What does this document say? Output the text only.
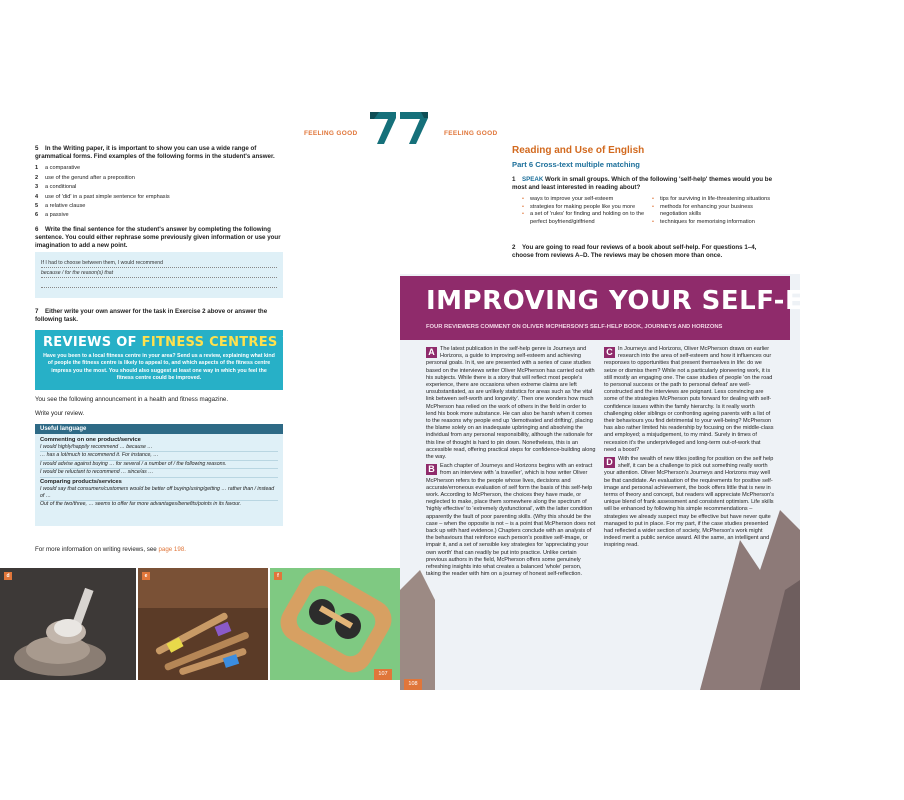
FEELING GOOD	FEELING GOOD
5 In the Writing paper, it is important to show you can use a wide range of grammatical forms. Find examples of the following forms in the student's answer.
1 a comparative
2 use of the gerund after a preposition
3 a conditional
4 use of 'did' in a past simple sentence for emphasis
5 a relative clause
6 a passive
6 Write the final sentence for the student's answer by completing the following sentence. You could either rephrase some previously given information or use your imagination to add a new point.
If I had to choose between them, I would recommend
because / for the reason(s) that
7 Either write your own answer for the task in Exercise 2 above or answer the following task.
REVIEWS OF FITNESS CENTRES WANTED
Have you been to a local fitness centre in your area? Send us a review, explaining what kind of people the fitness centre is likely to appeal to, and which aspects of the fitness centre impress you the most. You should also suggest at least one way in which you feel the fitness centre could be improved.
You see the following announcement in a health and fitness magazine.
Write your review.
Useful language
Commenting on one product/service
I would highly/happily recommend … because …
… has a lot/much to recommend it. For instance, …
I would advise against buying … for several / a number of / the following reasons.
I would be reluctant to recommend … since/as …
Comparing products/services
I would say that consumers/customers would be better off buying/using/getting … rather than / instead of …
Out of the two/three, … seems to offer far more advantages/benefits/points in its favour.
For more information on writing reviews, see page 198.
d	e	f
107
Reading and Use of English
Part 6 Cross-text multiple matching
1 SPEAK Work in small groups. Which of the following 'self-help' themes would you be most and least interested in reading about?
• ways to improve your self-esteem
• strategies for making people like you more
• a set of 'rules' for finding and holding on to the perfect boyfriend/girlfriend
• tips for surviving in life-threatening situations
• methods for enhancing your business negotiation skills
• techniques for memorising information
2 You are going to read four reviews of a book about self-help. For questions 1–4, choose from reviews A–D. The reviews may be chosen more than once.
IMPROVING YOUR SELF-ESTEEM
FOUR REVIEWERS COMMENT ON OLIVER MCPHERSON'S SELF-HELP BOOK, JOURNEYS AND HORIZONS
A The latest publication in the self-help genre is Journeys and Horizons, a guide to improving self-esteem and achieving personal goals. In it, we are presented with a series of case studies based on the interviews writer Oliver McPherson has carried out with his subjects. While there is a story that will reflect most people's experience, there are occasions when extreme claims are left unsubstantiated, as are unlikely statistics for areas such as 'the vital link between self-worth and longevity'. Then one wonders how much McPherson has relied on the work of others in the field in order to lend his book more substance. He can also be harsh when it comes to the reasons why people end up 'demotivated and drifting', placing the blame solely on an inadequate upbringing and absolving the individual from any personal responsibility, although the rationale for this line of thought is hard to pin down. Nonetheless, this is an accessible read, offering practical steps for confidence-building along the way.
B Each chapter of Journeys and Horizons begins with an extract from an interview with 'a traveller', which is how writer Oliver McPherson refers to the people whose lives, decisions and accurate/erroneous evaluation of self form the basis of this self-help work. According to McPherson, the choices they have made, or neglected to make, place them somewhere along the spectrum of 'highly effective' to 'extremely dysfunctional', with the latter condition apparently the fault of poor parenting skills. (Why this should be the case – when the opposite is not – is a point that McPherson does not back up with hard evidence.) Chapters conclude with an analysis of the behaviours that reinforce each person's positive self-image, or impair it, and a set of sensible key strategies for 'appreciating your own worth' that can readily be put into practice. Unlike certain previous authors in the field, McPherson offers some genuinely refreshing insights into what creates a balanced 'whole' person, taking the reader with him on a journey of honest self-reflection.
C In Journeys and Horizons, Oliver McPherson draws on earlier research into the area of self-esteem and how it influences our responses to opportunities that present themselves in life: do we seize or dismiss them? While not a particularly pioneering work, it is still mostly an engaging one. The case studies of people 'on the road to personal success or the path to personal defeat' are well-constructed and the interviews are poignant. Less convincing are some of the strategies McPherson puts forward for dealing with self-confidence issues within the family hierarchy. Is it really worth challenging older siblings or confronting ageing parents with a list of their behaviours you find detrimental to your well-being? McPherson has also rather limited his readership by focusing on the middle-class and employed; a misjudgement, to my mind. Surely in times of recession it's the underprivileged and long-term out-of-work that need a boost?
D With the wealth of new titles jostling for position on the self help shelf, it can be a challenge to pick out something really worth your attention. Oliver McPherson's Journeys and Horizons may well be that candidate. An evaluation of the requirements for positive self-image and personal achievement, the book offers little that is new in terms of theory and concept, but readers will appreciate McPherson's unique blend of frank assessment and consistent optimism. Life skills will be enhanced by following his simple recommendations – strategies we already suspect may be effective but have never quite managed to put in place. For my part, if the case studies presented had reflected a wider section of society, McPherson's work might indeed merit a public service award. All the same, an intelligent and inspiring read.
108
